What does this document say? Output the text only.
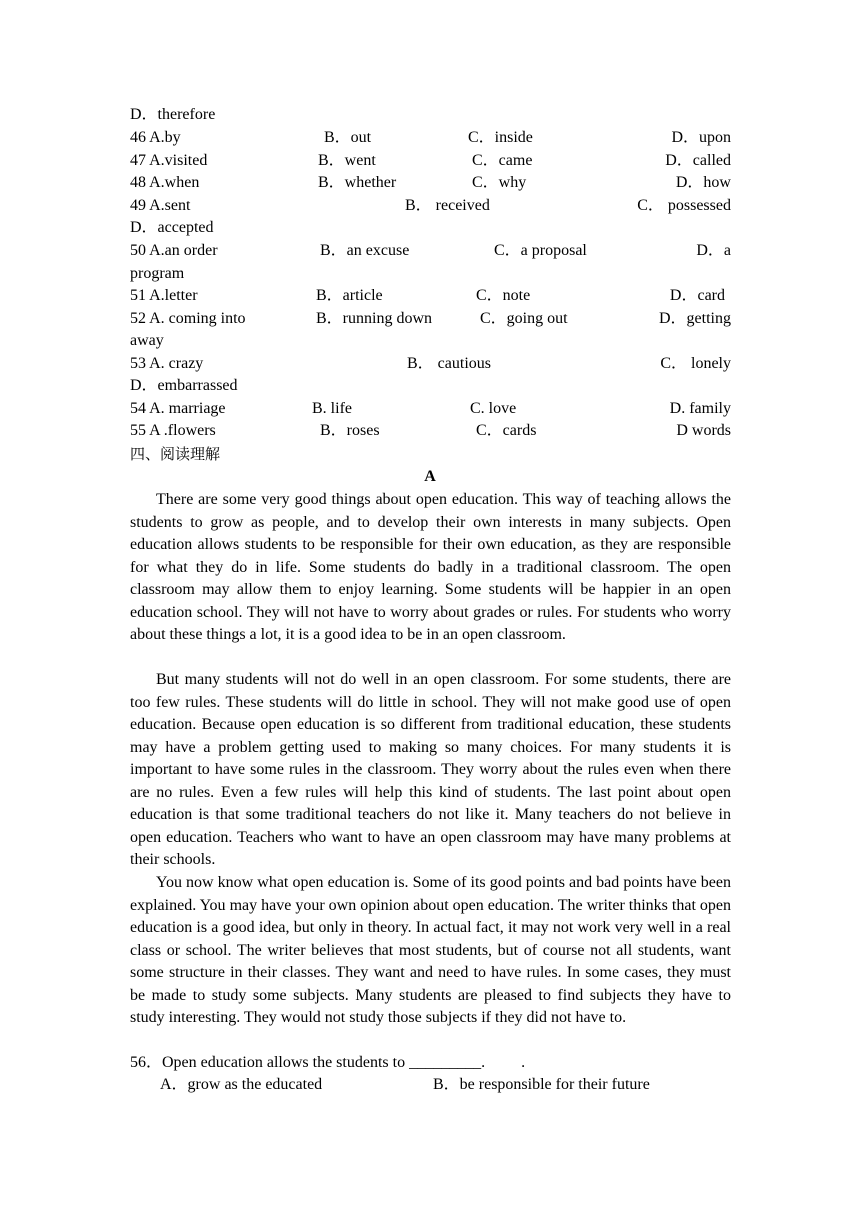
D．therefore
46 A.by	B．out	C．inside	D．upon
47 A.visited	B．went	C．came	D．called
48 A.when	B．whether	C．why	D．how
49 A.sent	B． received	C． possessed
D．accepted
50 A.an order	B．an excuse	C．a proposal	D．a
program
51 A.letter	B．article	C．note	D．card
52 A. coming into	B．running down	C．going out	D．getting
away
53 A. crazy	B． cautious	C． lonely
D．embarrassed
54 A. marriage	B. life	C. love	D. family
55 A .flowers	B．roses	C．cards	D words
四、阅读理解
A

There are some very good things about open education. This way of teaching allows the students to grow as people, and to develop their own interests in many subjects. Open education allows students to be responsible for their own education, as they are responsible for what they do in life. Some students do badly in a traditional classroom. The open classroom may allow them to enjoy learning. Some students will be happier in an open education school. They will not have to worry about grades or rules. For students who worry about these things a lot, it is a good idea to be in an open classroom.

But many students will not do well in an open classroom. For some students, there are too few rules. These students will do little in school. They will not make good use of open education. Because open education is so different from traditional education, these students may have a problem getting used to making so many choices. For many students it is important to have some rules in the classroom. They worry about the rules even when there are no rules. Even a few rules will help this kind of students. The last point about open education is that some traditional teachers do not like it. Many teachers do not believe in open education. Teachers who want to have an open classroom may have many problems at their schools.

You now know what open education is. Some of its good points and bad points have been explained. You may have your own opinion about open education. The writer thinks that open education is a good idea, but only in theory. In actual fact, it may not work very well in a real class or school. The writer believes that most students, but of course not all students, want some structure in their classes. They want and need to have rules. In some cases, they must be made to study some subjects. Many students are pleased to find subjects they have to study interesting. They would not study those subjects if they did not have to.

56．Open education allows the students to _________.　　 .
A．grow as the educated	B．be responsible for their future
